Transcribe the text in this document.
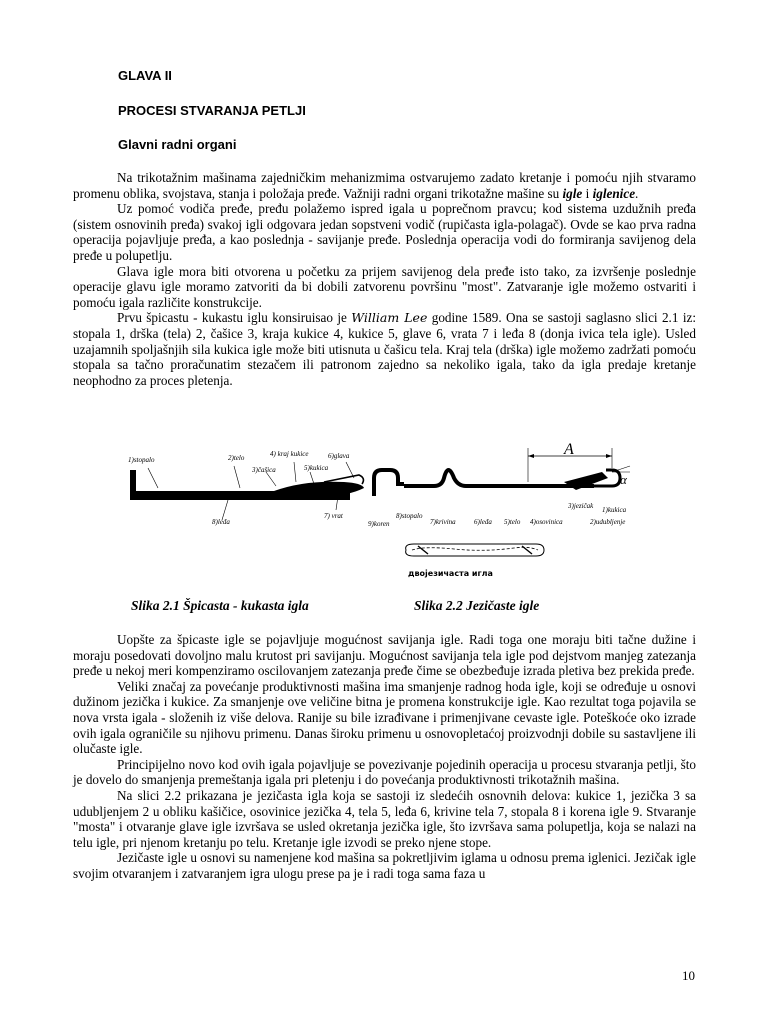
GLAVA II

PROCESI STVARANJA PETLJI

Glavni radni organi

Na trikotažnim mašinama zajedničkim mehanizmima ostvarujemo zadato kretanje i pomoću njih stvaramo promenu oblika, svojstava, stanja i položaja pređe. Važniji radni organi trikotažne mašine su igle i iglenice.

Uz pomoć vodiča pređe, pređu polažemo ispred igala u poprečnom pravcu; kod sistema uzdužnih pređa (sistem osnovinih pređa) svakoj igli odgovara jedan sopstveni vodič (rupičasta igla-polagač). Ovde se kao prva radna operacija pojavljuje pređa, a kao poslednja - savijanje pređe. Poslednja operacija vodi do formiranja savijenog dela pređe u polupetlju.

Glava igle mora biti otvorena u početku za prijem savijenog dela pređe isto tako, za izvršenje poslednje operacije glavu igle moramo zatvoriti da bi dobili zatvorenu površinu "most". Zatvaranje igle možemo ostvariti i pomoću igala različite konstrukcije.

Prvu špicastu - kukastu iglu konsiruisao je William Lee godine 1589. Ona se sastoji saglasno slici 2.1 iz: stopala 1, drška (tela) 2, čašice 3, kraja kukice 4, kukice 5, glave 6, vrata 7 i leđa 8 (donja ivica tela igle). Usled uzajamnih spoljašnjih sila kukica igle može biti utisnuta u čašicu tela. Kraj tela (drška) igle možemo zadržati pomoću stopala sa tačno proračunatim stezačem ili patronom zajedno sa nekoliko igala, tako da igla predaje kretanje neophodno za proces pletenja.

1)stopalo	2)telo
3)čašica
4) kraj kukice
5)kukica
6)glava
7) vrat
8)leđa	9)koren
8)stopalo
7)krivina	6)leđa 5)telo 4)osovinica
3)jezičak 1)kukica
2)udubljenje
A
α
двојезичаста игла

Slika 2.1 Špicasta - kukasta igla	Slika 2.2 Jezičaste igle

Uopšte za špicaste igle se pojavljuje mogućnost savijanja igle. Radi toga one moraju biti tačne dužine i moraju posedovati dovoljno malu krutost pri savijanju. Mogućnost savijanja tela igle pod dejstvom manjeg zatezanja pređe u nekoj meri kompenziramo oscilovanjem zatezanja pređe čime se obezbeđuje izrada pletiva bez prekida pređe.

Veliki značaj za povećanje produktivnosti mašina ima smanjenje radnog hoda igle, koji se određuje u osnovi dužinom jezička i kukice. Za smanjenje ove veličine bitna je promena konstrukcije igle. Kao rezultat toga pojavila se nova vrsta igala - složenih iz više delova. Ranije su bile izrađivane i primenjivane cevaste igle. Poteškoće oko izrade ovih igala ograničile su njihovu primenu. Danas široku primenu u osnovopletaćoj proizvodnji dobile su sastavljene ili olučaste igle.

Principijelno novo kod ovih igala pojavljuje se povezivanje pojedinih operacija u procesu stvaranja petlji, što je dovelo do smanjenja premeštanja igala pri pletenju i do povećanja produktivnosti trikotažnih mašina.

Na slici 2.2 prikazana je jezičasta igla koja se sastoji iz sledećih osnovnih delova: kukice 1, jezička 3 sa udubljenjem 2 u obliku kašičice, osovinice jezička 4, tela 5, leđa 6, krivine tela 7, stopala 8 i korena igle 9. Stvaranje "mosta" i otvaranje glave igle izvršava se usled okretanja jezička igle, što izvršava sama polupetlja, koja se nalazi na telu igle, pri njenom kretanju po telu. Kretanje igle izvodi se preko njene stope.

Jezičaste igle u osnovi su namenjene kod mašina sa pokretljivim iglama u odnosu prema iglenici. Jezičak igle svojim otvaranjem i zatvaranjem igra ulogu prese pa je i radi toga sama faza u

10
